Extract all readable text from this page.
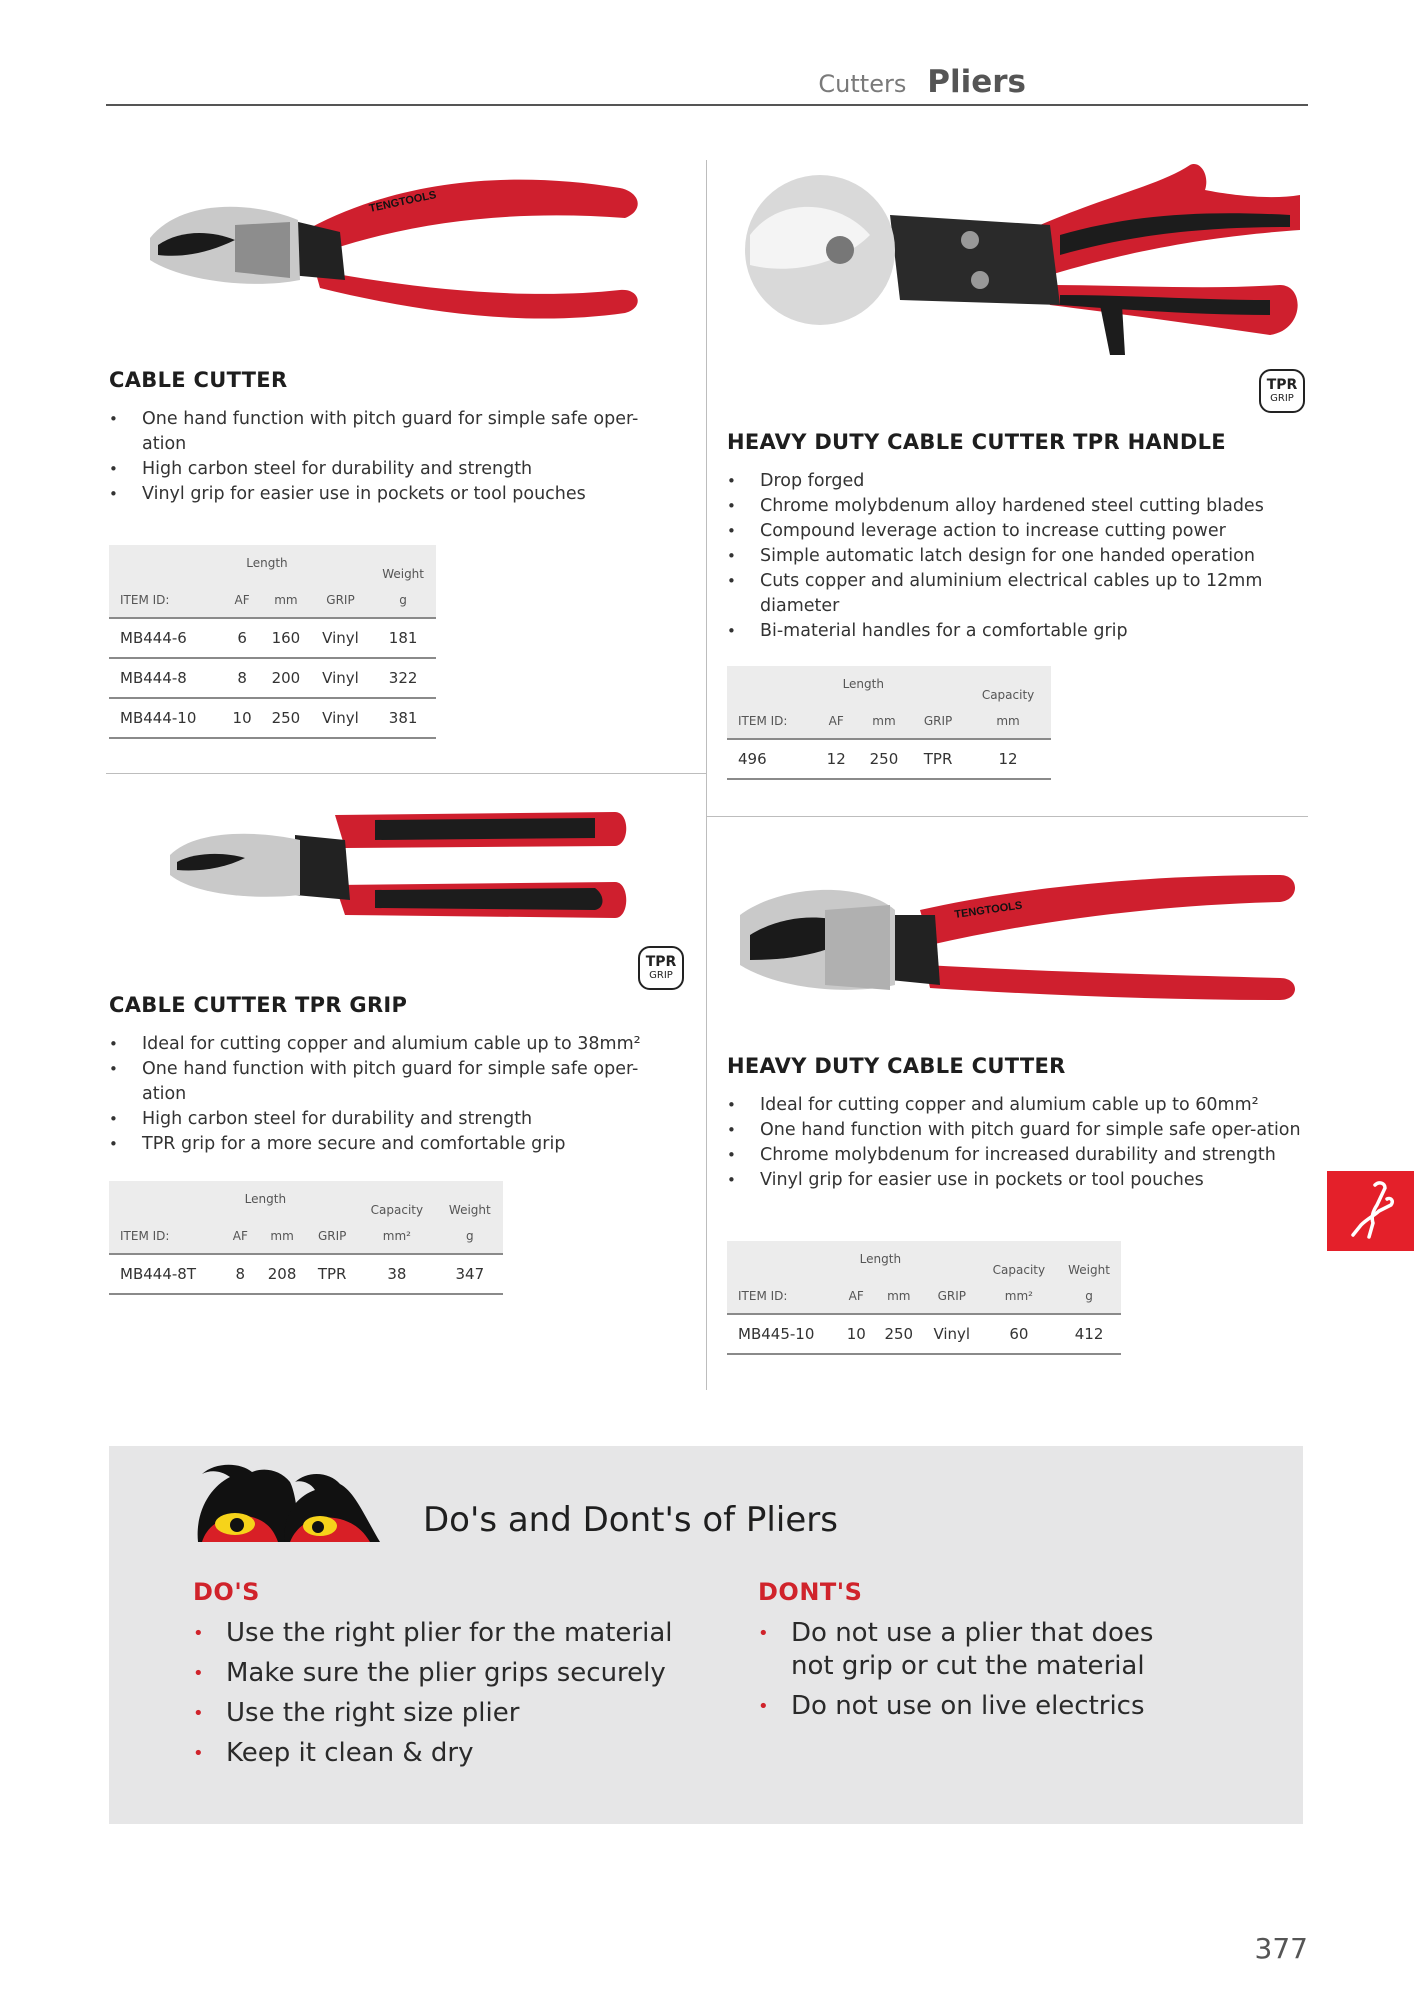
Cutters Pliers
TENGTOOLS
CABLE CUTTER
• One hand function with pitch guard for simple safe oper-ation
• High carbon steel for durability and strength
• Vinyl grip for easier use in pockets or tool pouches
	Length			Weight
ITEM ID:	AF	mm	GRIP	g
MB444-6	6	160	Vinyl	181
MB444-8	8	200	Vinyl	322
MB444-10	10	250	Vinyl	381
TPR
GRIP
HEAVY DUTY CABLE CUTTER TPR HANDLE
• Drop forged
• Chrome molybdenum alloy hardened steel cutting blades
• Compound leverage action to increase cutting power
• Simple automatic latch design for one handed operation
• Cuts copper and aluminium electrical cables up to 12mm diameter
• Bi-material handles for a comfortable grip
	Length			Capacity
ITEM ID:	AF	mm	GRIP	mm
496	12	250	TPR	12
TPR
GRIP
CABLE CUTTER TPR GRIP
• Ideal for cutting copper and alumium cable up to 38mm²
• One hand function with pitch guard for simple safe oper-ation
• High carbon steel for durability and strength
• TPR grip for a more secure and comfortable grip
	Length			Capacity	Weight
ITEM ID:	AF	mm	GRIP	mm²	g
MB444-8T	8	208	TPR	38	347
TENGTOOLS
HEAVY DUTY CABLE CUTTER
• Ideal for cutting copper and alumium cable up to 60mm²
• One hand function with pitch guard for simple safe oper-ation
• Chrome molybdenum for increased durability and strength
• Vinyl grip for easier use in pockets or tool pouches
	Length			Capacity	Weight
ITEM ID:	AF	mm	GRIP	mm²	g
MB445-10	10	250	Vinyl	60	412
Do's and Dont's of Pliers
DO'S
• Use the right plier for the material
• Make sure the plier grips securely
• Use the right size plier
• Keep it clean & dry
DONT'S
• Do not use a plier that does not grip or cut the material
• Do not use on live electrics
377
